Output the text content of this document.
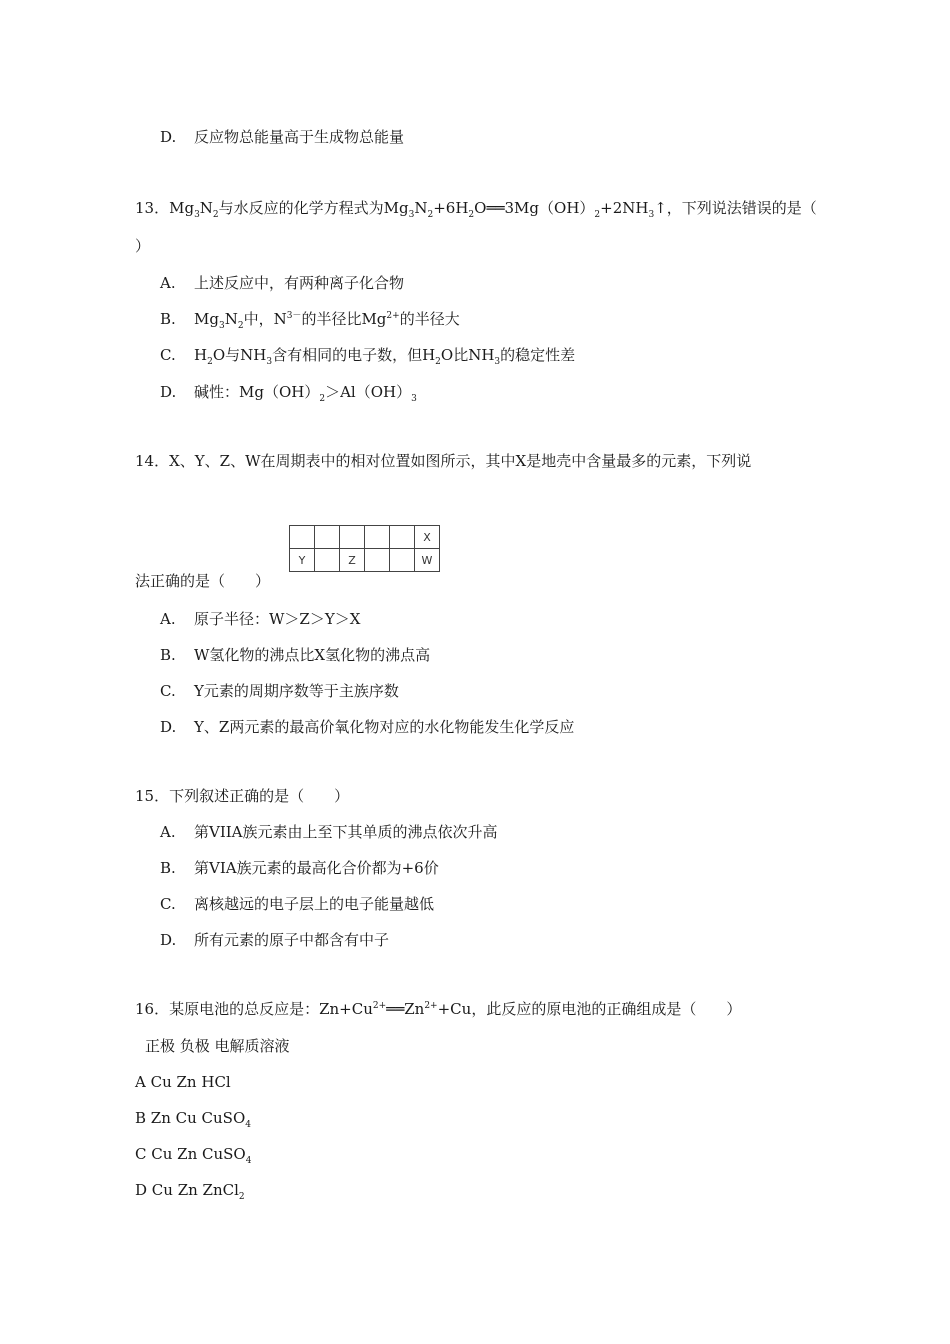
D. 反应物总能量高于生成物总能量
13．$Mg_3N_2$与水反应的化学方程式为$Mg_3N_2+6H_2O══3Mg(OH)_2+2NH_3↑$，下列说法错误的是（
）
A. 上述反应中，有两种离子化合物
B. $Mg_3N_2$中，$N^{3-}$的半径比$Mg^{2+}$的半径大
C. $H_2O$与$NH_3$含有相同的电子数，但$H_2O$比$NH_3$的稳定性差
D. 碱性：$Mg(OH)_2>Al(OH)_3$
14．X、Y、Z、W在周期表中的相对位置如图所示，其中X是地壳中含量最多的元素，下列说
					X
Y		Z			W
法正确的是（　　）
A. 原子半径：W＞Z＞Y＞X
B. W氢化物的沸点比X氢化物的沸点高
C. Y元素的周期序数等于主族序数
D. Y、Z两元素的最高价氧化物对应的水化物能发生化学反应
15．下列叙述正确的是（　　）
A. 第VIIA族元素由上至下其单质的沸点依次升高
B. 第VIA族元素的最高化合价都为+6价
C. 离核越远的电子层上的电子能量越低
D. 所有元素的原子中都含有中子
16．某原电池的总反应是：$Zn+Cu^{2+}══Zn^{2+}+Cu$，此反应的原电池的正确组成是（　　）
正极 负极 电解质溶液
A Cu Zn HCl
B Zn Cu CuSO$_4$
C Cu Zn CuSO$_4$
D Cu Zn ZnCl$_2$
